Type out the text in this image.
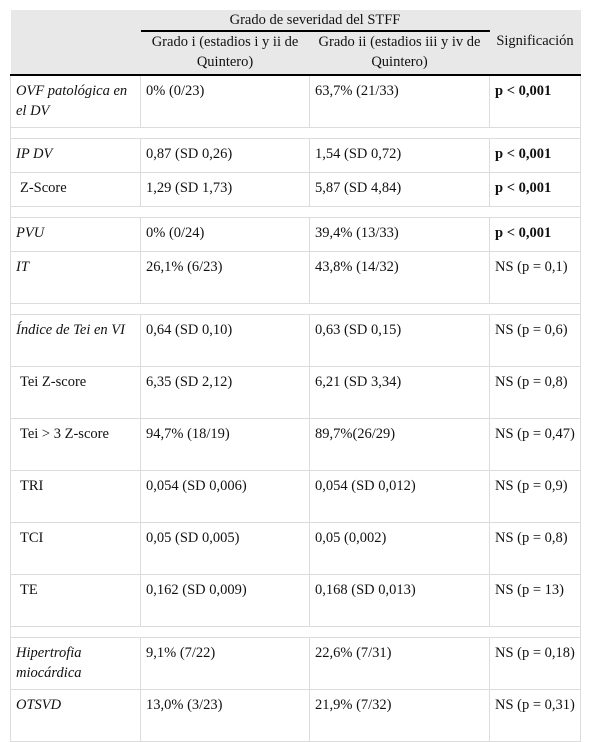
	Grado de severidad del STFF		
	Grado i (estadios i y ii de Quintero)	Grado ii (estadios iii y iv de Quintero)	Significación
OVF patológica en el DV	0% (0/23)	63,7% (21/33)	p < 0,001

IP DV	0,87 (SD 0,26)	1,54 (SD 0,72)	p < 0,001
Z-Score	1,29 (SD 1,73)	5,87 (SD 4,84)	p < 0,001

PVU	0% (0/24)	39,4% (13/33)	p < 0,001
IT	26,1% (6/23)	43,8% (14/32)	NS (p = 0,1)

Índice de Tei en VI	0,64 (SD 0,10)	0,63 (SD 0,15)	NS (p = 0,6)
Tei Z-score	6,35 (SD 2,12)	6,21 (SD 3,34)	NS (p = 0,8)
Tei > 3 Z-score	94,7% (18/19)	89,7%(26/29)	NS (p = 0,47)
TRI	0,054 (SD 0,006)	0,054 (SD 0,012)	NS (p = 0,9)
TCI	0,05 (SD 0,005)	0,05 (0,002)	NS (p = 0,8)
TE	0,162 (SD 0,009)	0,168 (SD 0,013)	NS (p = 13)

Hipertrofia miocárdica	9,1% (7/22)	22,6% (7/31)	NS (p = 0,18)
OTSVD	13,0% (3/23)	21,9% (7/32)	NS (p = 0,31)
